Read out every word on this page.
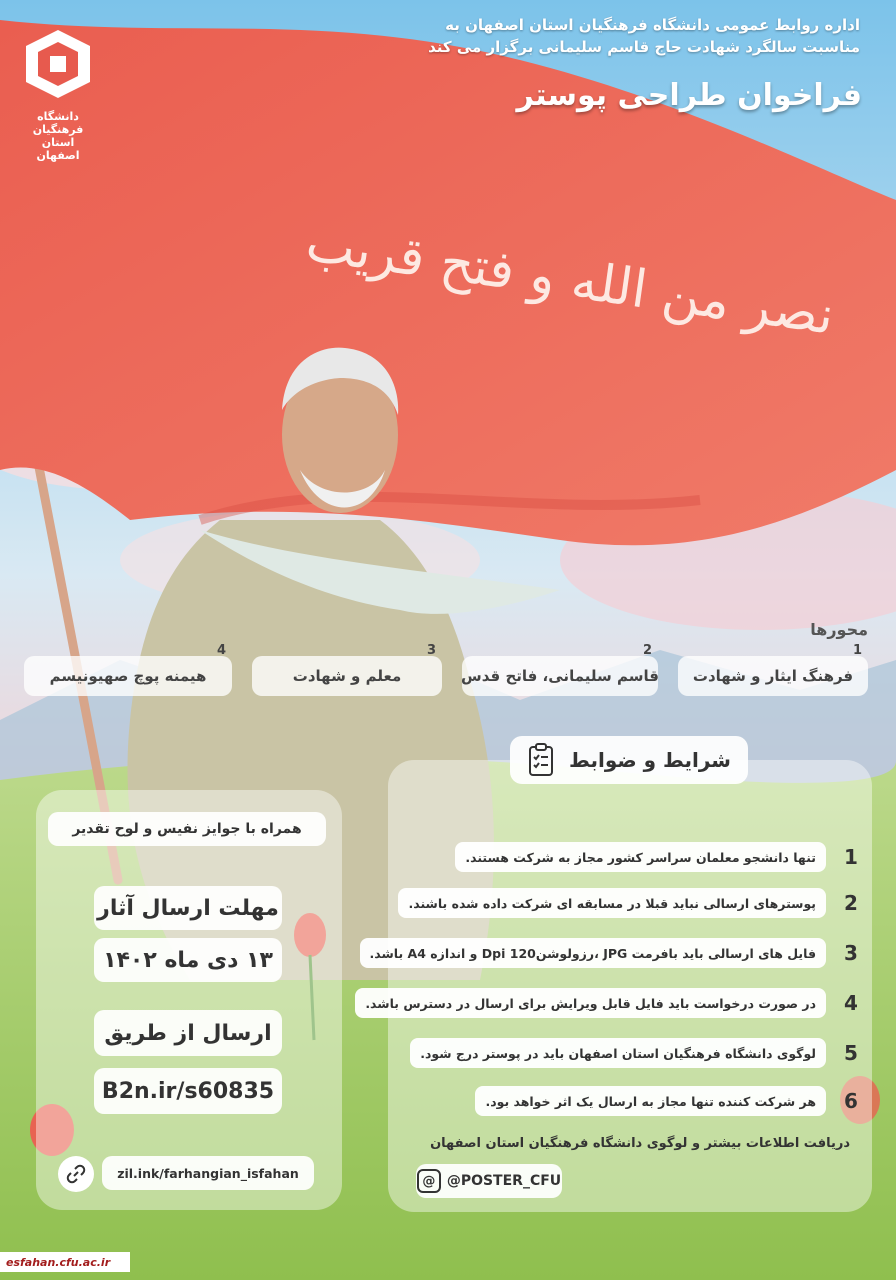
نصر من الله و فتح قریب
دانشگاه فرهنگیان
استان اصفهان
اداره روابط عمومی دانشگاه فرهنگیان استان اصفهان به
مناسبت سالگرد شهادت حاج قاسم سلیمانی برگزار می کند
فراخوان طراحی پوستر
محورها
1
فرهنگ ایثار و شهادت
2
قاسم سلیمانی، فاتح قدس
3
معلم و شهادت
4
هیمنه پوچ صهیونیسم
شرایط و ضوابط
1
تنها دانشجو معلمان سراسر کشور مجاز به شرکت هستند.
2
پوسترهای ارسالی نباید قبلا در مسابقه ای شرکت داده شده باشند.
3
فایل های ارسالی باید بافرمت JPG ،رزولوشن120 Dpi و اندازه A4 باشد.
4
در صورت درخواست باید فایل قابل ویرایش برای ارسال در دسترس باشد.
5
لوگوی دانشگاه فرهنگیان استان اصفهان باید در پوستر درج شود.
6
هر شرکت کننده تنها مجاز به ارسال یک اثر خواهد بود.
دریافت اطلاعات بیشتر و لوگوی دانشگاه فرهنگیان استان اصفهان
@ @POSTER_CFU
همراه با جوایز نفیس و لوح تقدیر
مهلت ارسال آثار
۱۳ دی ماه ۱۴۰۲
ارسال از طریق
B2n.ir/s60835
zil.ink/farhangian_isfahan
esfahan.cfu.ac.ir
